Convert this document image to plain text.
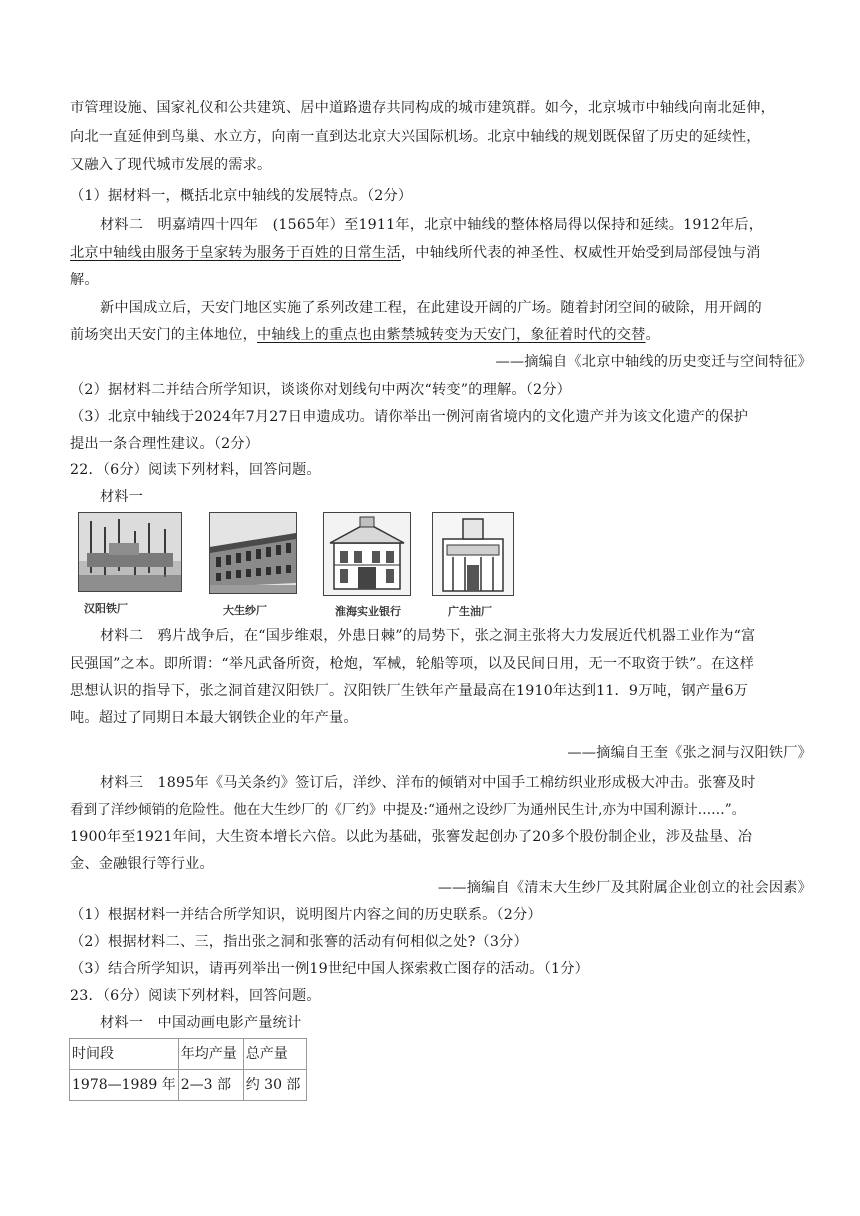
市管理设施、国家礼仪和公共建筑、居中道路遗存共同构成的城市建筑群。如今，北京城市中轴线向南北延伸，
向北一直延伸到鸟巢、水立方，向南一直到达北京大兴国际机场。北京中轴线的规划既保留了历史的延续性，
又融入了现代城市发展的需求。
（1）据材料一，概括北京中轴线的发展特点。（2分）
材料二　明嘉靖四十四年　(1565年）至1911年，北京中轴线的整体格局得以保持和延续。1912年后，
北京中轴线由服务于皇家转为服务于百姓的日常生活，中轴线所代表的神圣性、权威性开始受到局部侵蚀与消
解。
新中国成立后，天安门地区实施了系列改建工程，在此建设开阔的广场。随着封闭空间的破除，用开阔的
前场突出天安门的主体地位，中轴线上的重点也由紫禁城转变为天安门，象征着时代的交替。
——摘编自《北京中轴线的历史变迁与空间特征》
（2）据材料二并结合所学知识，谈谈你对划线句中两次“转变”的理解。（2分）
（3）北京中轴线于2024年7月27日申遗成功。请你举出一例河南省境内的文化遗产并为该文化遗产的保护
提出一条合理性建议。（2分）
22．（6分）阅读下列材料，回答问题。
材料一
汉阳铁厂	大生纱厂	淮海实业银行	广生油厂
材料二　鸦片战争后，在“国步维艰，外患日棘”的局势下，张之洞主张将大力发展近代机器工业作为“富
民强国”之本。即所谓：“举凡武备所资，枪炮，军械，轮船等项，以及民间日用，无一不取资于铁”。在这样
思想认识的指导下，张之洞首建汉阳铁厂。汉阳铁厂生铁年产量最高在1910年达到11．9万吨，钢产量6万
吨。超过了同期日本最大钢铁企业的年产量。
——摘编自王奎《张之洞与汉阳铁厂》
材料三　1895年《马关条约》签订后，洋纱、洋布的倾销对中国手工棉纺织业形成极大冲击。张謇及时
看到了洋纱倾销的危险性。他在大生纱厂的《厂约》中提及:“通州之设纱厂为通州民生计,亦为中国利源计……”。
1900年至1921年间，大生资本增长六倍。以此为基础，张謇发起创办了20多个股份制企业，涉及盐垦、冶
金、金融银行等行业。
——摘编自《清末大生纱厂及其附属企业创立的社会因素》
（1）根据材料一并结合所学知识，说明图片内容之间的历史联系。（2分）
（2）根据材料二、三，指出张之洞和张謇的活动有何相似之处?（3分）
（3）结合所学知识，请再列举出一例19世纪中国人探索救亡图存的活动。（1分）
23．（6分）阅读下列材料，回答问题。
材料一　中国动画电影产量统计
时间段	年均产量	总产量
1978—1989 年	2—3 部	约 30 部
